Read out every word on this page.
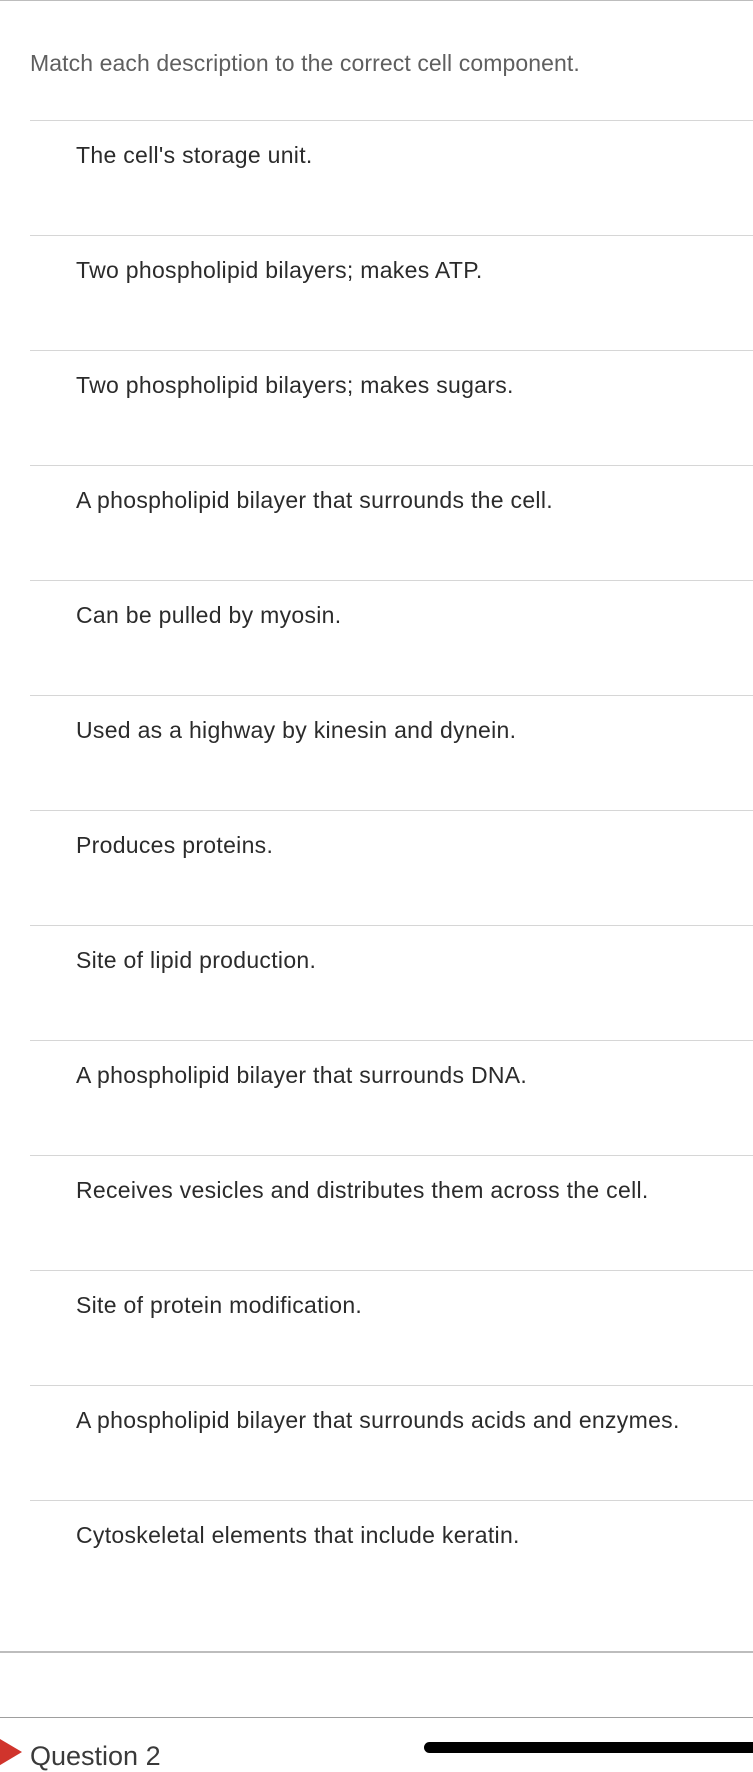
Match each description to the correct cell component.
The cell's storage unit.
Two phospholipid bilayers; makes ATP.
Two phospholipid bilayers; makes sugars.
A phospholipid bilayer that surrounds the cell.
Can be pulled by myosin.
Used as a highway by kinesin and dynein.
Produces proteins.
Site of lipid production.
A phospholipid bilayer that surrounds DNA.
Receives vesicles and distributes them across the cell.
Site of protein modification.
A phospholipid bilayer that surrounds acids and enzymes.
Cytoskeletal elements that include keratin.
Question 2
